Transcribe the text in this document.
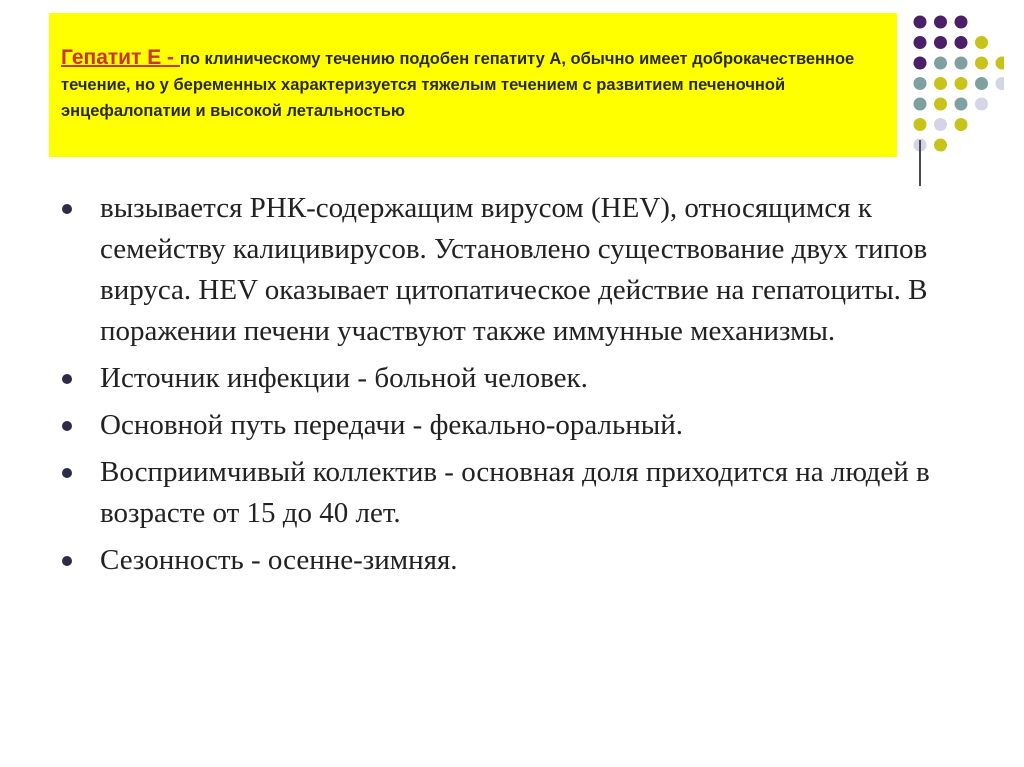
Гепатит Е - по клиническому течению подобен гепатиту А, обычно имеет доброкачественное течение, но у беременных характеризуется тяжелым течением с развитием печеночной энцефалопатии и высокой летальностью
вызывается РНК-содержащим вирусом (HEV), относящимся к семейству калицивирусов. Установлено существование двух типов вируса. HEV оказывает цитопатическое действие на гепатоциты. В поражении печени участвуют также иммунные механизмы.
Источник инфекции - больной человек.
Основной путь передачи - фекально-оральный.
Восприимчивый коллектив - основная доля приходится на людей в возрасте от 15 до 40 лет.
Сезонность - осенне-зимняя.
